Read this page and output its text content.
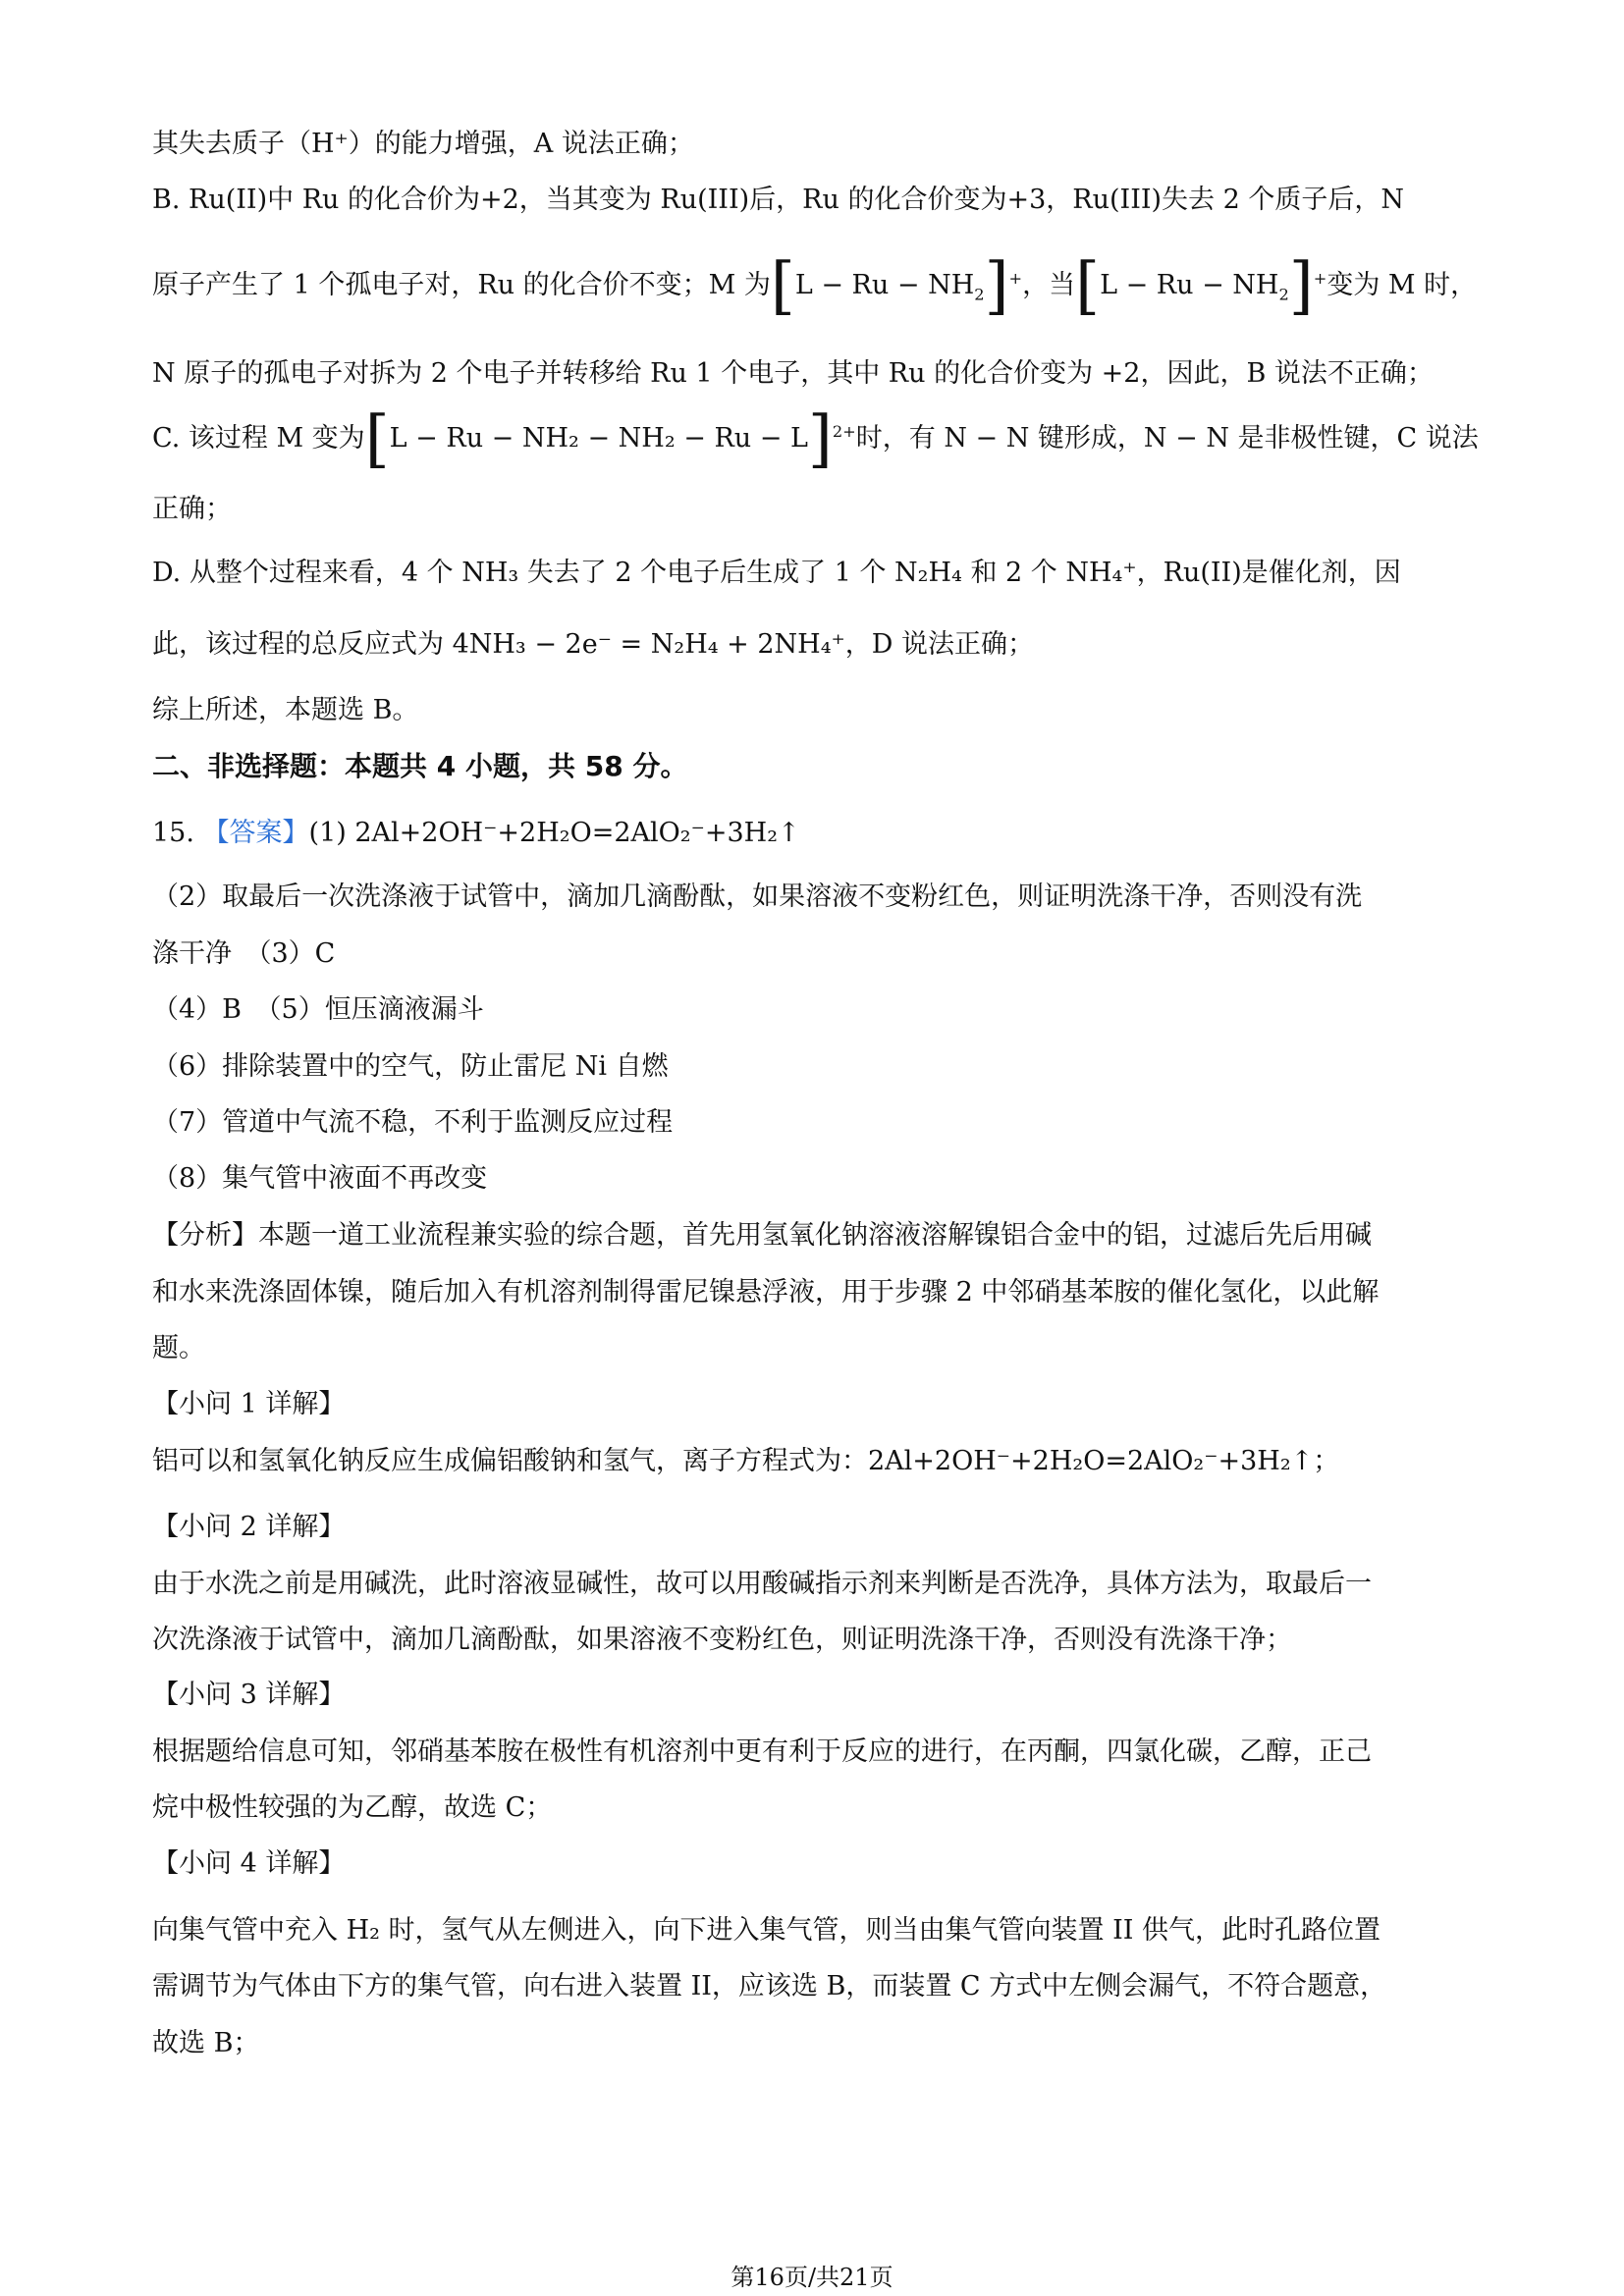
其失去质子（H⁺）的能力增强，A 说法正确；
B. Ru(II)中 Ru 的化合价为+2，当其变为 Ru(III)后，Ru 的化合价变为+3，Ru(III)失去 2 个质子后，N
原子产生了 1 个孤电子对，Ru 的化合价不变；M 为$[L - Ru - NH_2]^+$，当$[L - Ru - NH_2]^+$变为 M 时，
N 原子的孤电子对拆为 2 个电子并转移给 Ru 1 个电子，其中 Ru 的化合价变为 +2，因此，B 说法不正确；
C. 该过程 M 变为$[L - Ru - NH_2 - NH_2 - Ru - L]^{2+}$时，有 N − N 键形成，N − N 是非极性键，C 说法
正确；
D. 从整个过程来看，4 个 NH₃ 失去了 2 个电子后生成了 1 个 N₂H₄ 和 2 个 NH₄⁺，Ru(II)是催化剂，因
此，该过程的总反应式为 4NH₃ − 2e⁻ = N₂H₄ + 2NH₄⁺，D 说法正确；
综上所述，本题选 B。
二、非选择题：本题共 4 小题，共 58 分。
15. 【答案】(1) 2Al+2OH⁻+2H₂O=2AlO₂⁻+3H₂↑
（2）取最后一次洗涤液于试管中，滴加几滴酚酞，如果溶液不变粉红色，则证明洗涤干净，否则没有洗
涤干净　（3）C
（4）B　（5）恒压滴液漏斗
（6）排除装置中的空气，防止雷尼 Ni 自燃
（7）管道中气流不稳，不利于监测反应过程
（8）集气管中液面不再改变
【分析】本题一道工业流程兼实验的综合题，首先用氢氧化钠溶液溶解镍铝合金中的铝，过滤后先后用碱
和水来洗涤固体镍，随后加入有机溶剂制得雷尼镍悬浮液，用于步骤 2 中邻硝基苯胺的催化氢化，以此解
题。
【小问 1 详解】
铝可以和氢氧化钠反应生成偏铝酸钠和氢气，离子方程式为：2Al+2OH⁻+2H₂O=2AlO₂⁻+3H₂↑；
【小问 2 详解】
由于水洗之前是用碱洗，此时溶液显碱性，故可以用酸碱指示剂来判断是否洗净，具体方法为，取最后一
次洗涤液于试管中，滴加几滴酚酞，如果溶液不变粉红色，则证明洗涤干净，否则没有洗涤干净；
【小问 3 详解】
根据题给信息可知，邻硝基苯胺在极性有机溶剂中更有利于反应的进行，在丙酮，四氯化碳，乙醇，正己
烷中极性较强的为乙醇，故选 C；
【小问 4 详解】
向集气管中充入 H₂ 时，氢气从左侧进入，向下进入集气管，则当由集气管向装置 II 供气，此时孔路位置
需调节为气体由下方的集气管，向右进入装置 II，应该选 B，而装置 C 方式中左侧会漏气，不符合题意，
故选 B；
第16页/共21页
